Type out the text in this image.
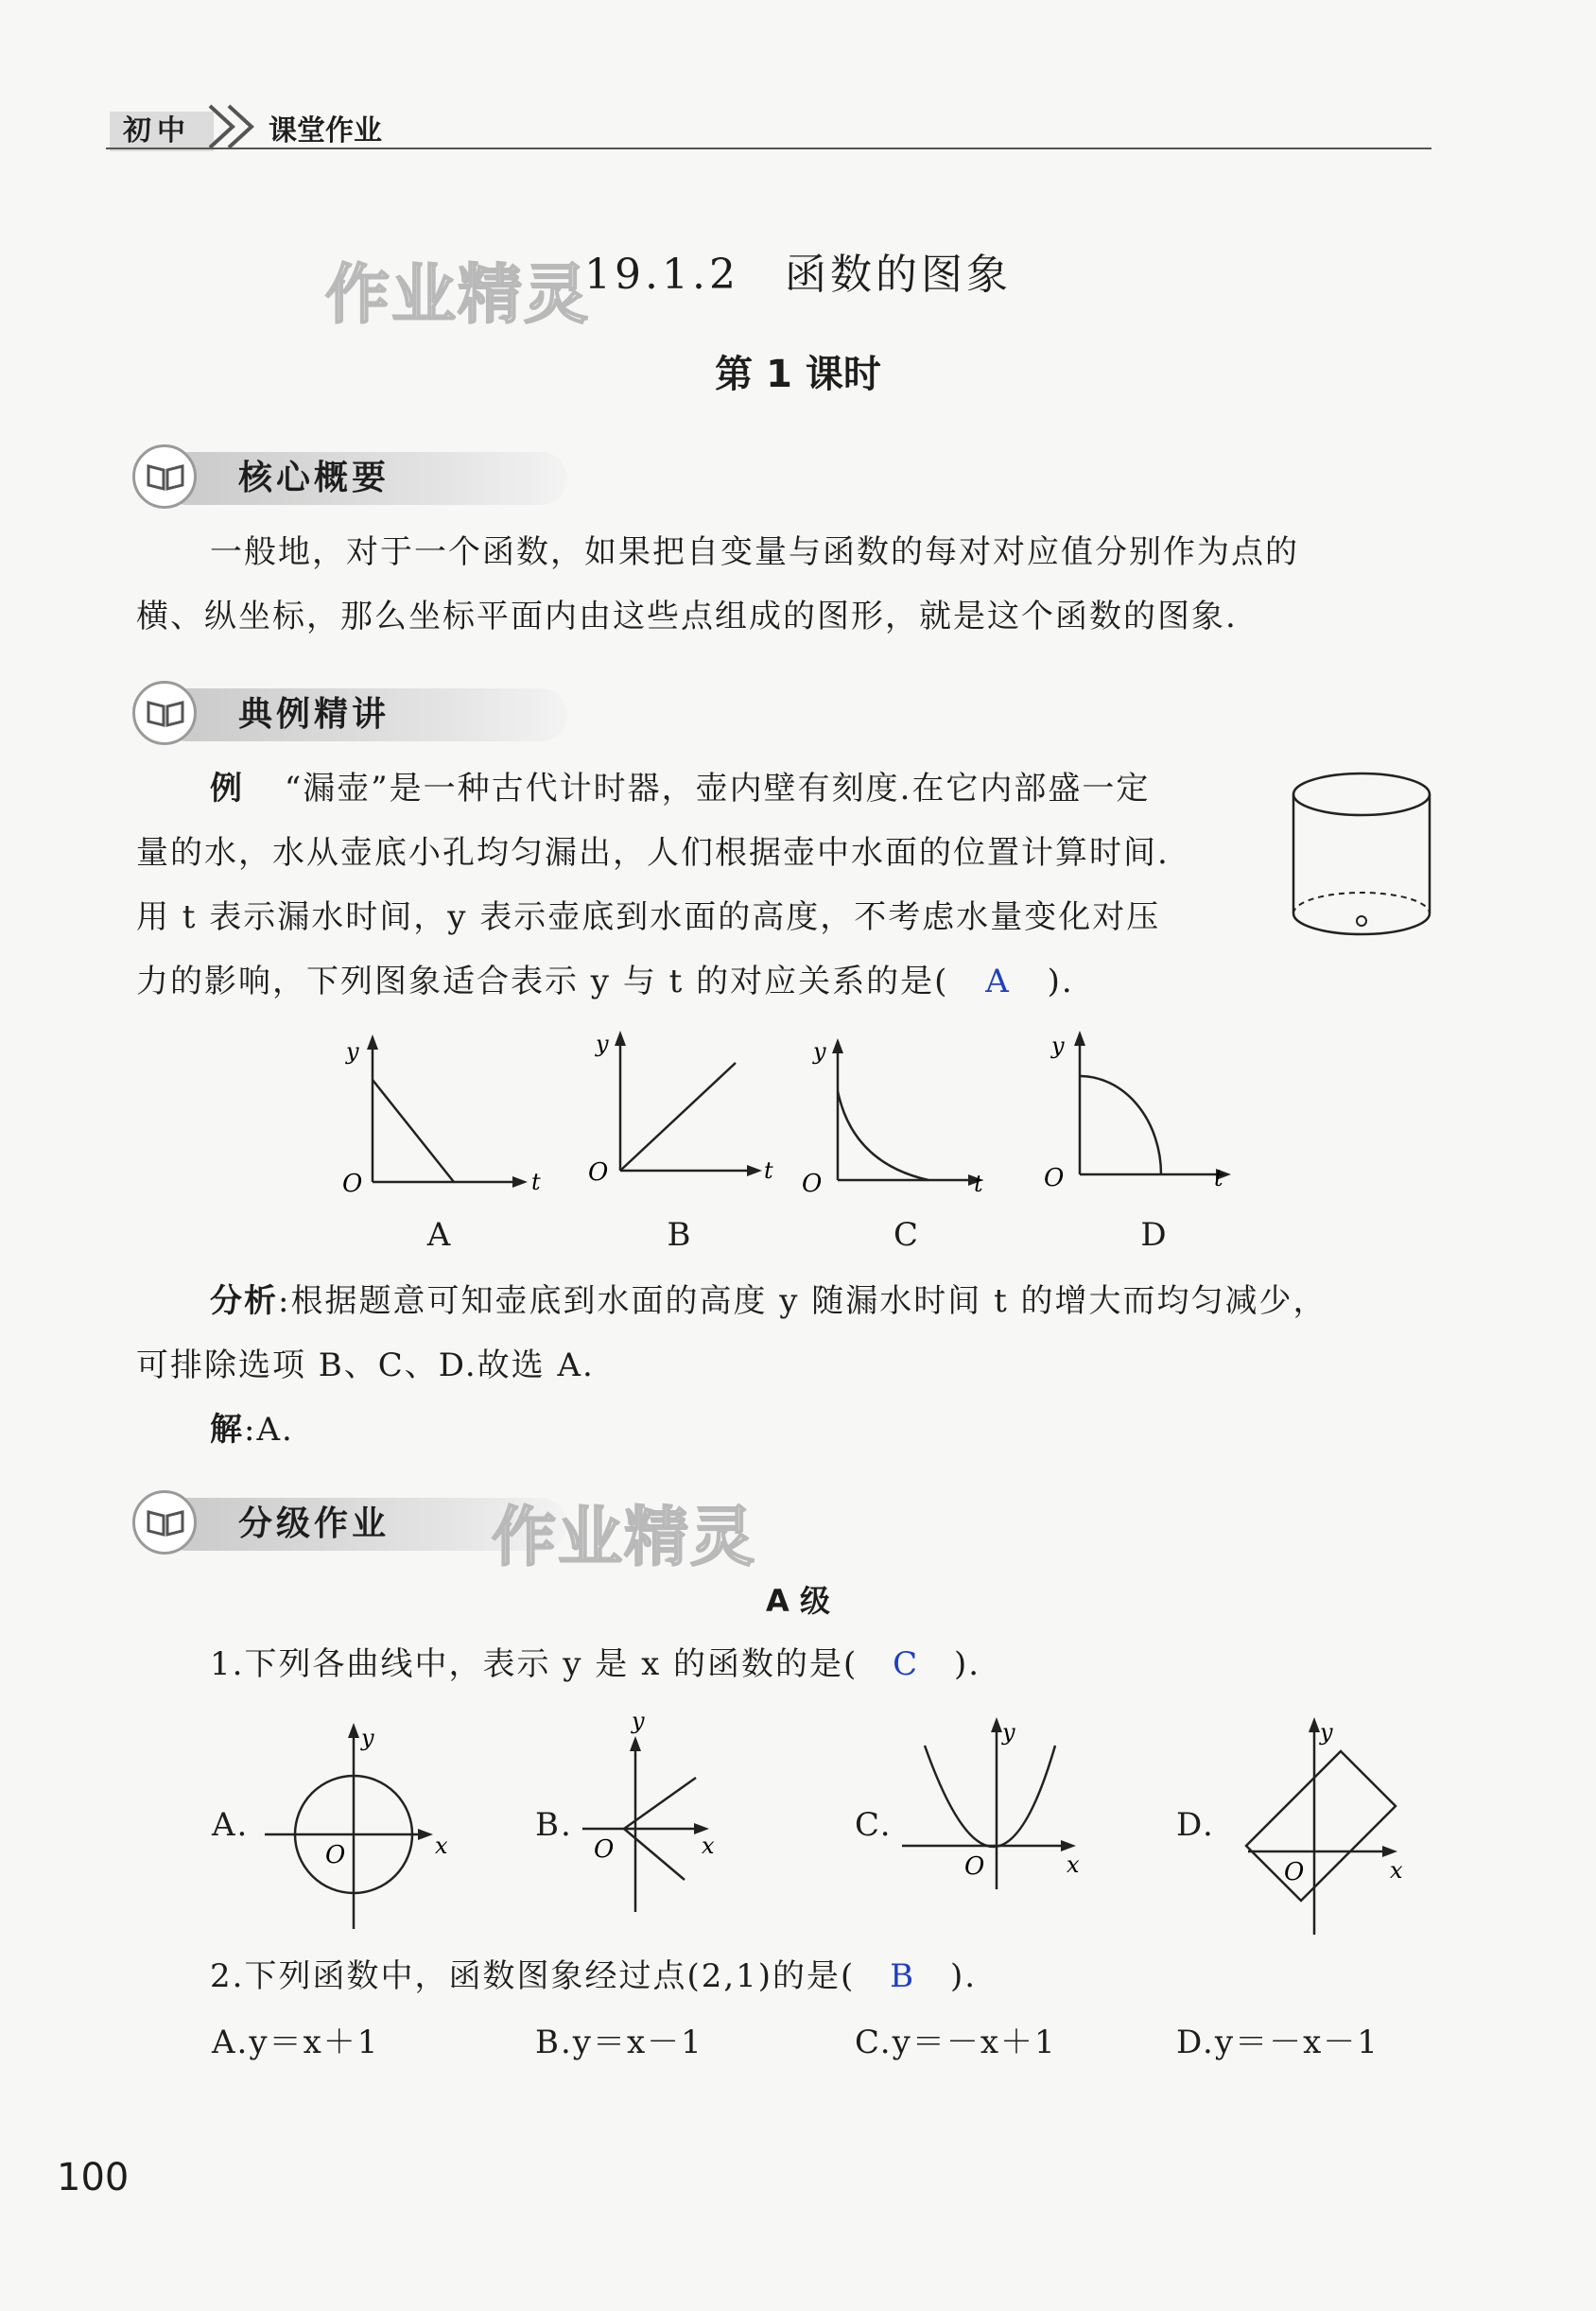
初中	课堂作业
作业精灵
19.1.2　函数的图象
第 1 课时
核心概要
一般地，对于一个函数，如果把自变量与函数的每对对应值分别作为点的
横、纵坐标，那么坐标平面内由这些点组成的图形，就是这个函数的图象.
典例精讲
例 “漏壶”是一种古代计时器，壶内壁有刻度.在它内部盛一定
量的水，水从壶底小孔均匀漏出，人们根据壶中水面的位置计算时间.
用 t 表示漏水时间，y 表示壶底到水面的高度，不考虑水量变化对压
力的影响，下列图象适合表示 y 与 t 的对应关系的是( A ).
y
t
O
y
t
O
y
t
O
y
t
O
A	B	C	D
分析:根据题意可知壶底到水面的高度 y 随漏水时间 t 的增大而均匀减少，
可排除选项 B、C、D.故选 A.
解:A.
分级作业 作业精灵
A 级
1.下列各曲线中，表示 y 是 x 的函数的是( C ).
A.
y
x
O
B.
y
x
O
C.
y
x
O
D.
y
x
O
2.下列函数中，函数图象经过点(2,1)的是( B ).
A.y＝x＋1	B.y＝x－1	C.y＝－x＋1	D.y＝－x－1
100
